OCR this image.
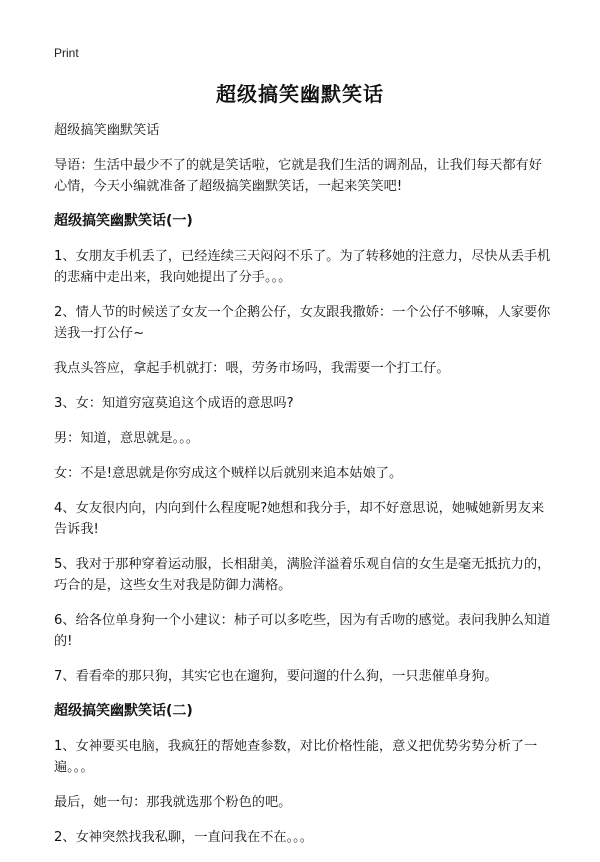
Print
超级搞笑幽默笑话

超级搞笑幽默笑话

导语：生活中最少不了的就是笑话啦，它就是我们生活的调剂品，让我们每天都有好心情，今天小编就准备了超级搞笑幽默笑话，一起来笑笑吧!

超级搞笑幽默笑话(一)

1、女朋友手机丢了，已经连续三天闷闷不乐了。为了转移她的注意力，尽快从丢手机的悲痛中走出来，我向她提出了分手。。。

2、情人节的时候送了女友一个企鹅公仔，女友跟我撒娇：一个公仔不够嘛，人家要你送我一打公仔~

我点头答应，拿起手机就打：喂，劳务市场吗，我需要一个打工仔。

3、女：知道穷寇莫追这个成语的意思吗?

男：知道，意思就是。。。

女：不是!意思就是你穷成这个贼样以后就别来追本姑娘了。

4、女友很内向，内向到什么程度呢?她想和我分手，却不好意思说，她喊她新男友来告诉我!

5、我对于那种穿着运动服，长相甜美，满脸洋溢着乐观自信的女生是毫无抵抗力的，巧合的是，这些女生对我是防御力满格。

6、给各位单身狗一个小建议：柿子可以多吃些，因为有舌吻的感觉。表问我肿么知道的!

7、看看牵的那只狗，其实它也在遛狗，要问遛的什么狗，一只悲催单身狗。

超级搞笑幽默笑话(二)

1、女神要买电脑，我疯狂的帮她查参数，对比价格性能，意义把优势劣势分析了一遍。。。

最后，她一句：那我就选那个粉色的吧。

2、女神突然找我私聊，一直问我在不在。。。
